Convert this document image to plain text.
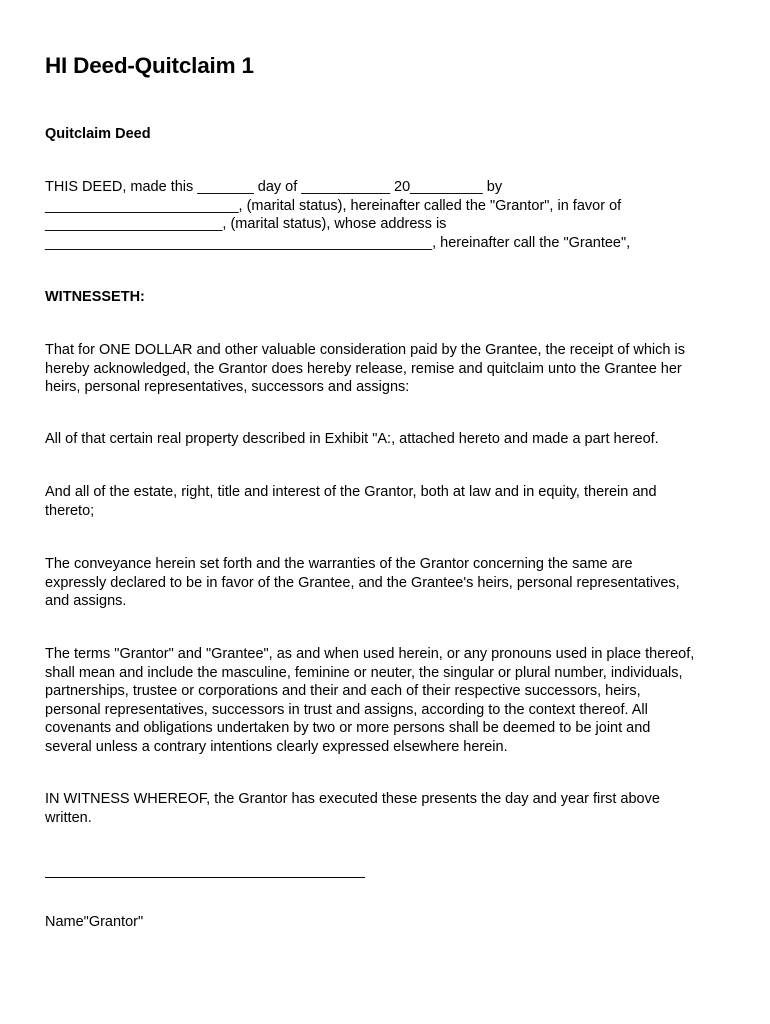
HI Deed-Quitclaim 1
Quitclaim Deed
THIS DEED, made this _______ day of ___________ 20_________ by
________________________, (marital status), hereinafter called the "Grantor", in favor of
______________________, (marital status), whose address is
________________________________________________, hereinafter call the "Grantee",
WITNESSETH:
That for ONE DOLLAR and other valuable consideration paid by the Grantee, the receipt of which is
hereby acknowledged, the Grantor does hereby release, remise and quitclaim unto the Grantee her
heirs, personal representatives, successors and assigns:
All of that certain real property described in Exhibit "A:, attached hereto and made a part hereof.
And all of the estate, right, title and interest of the Grantor, both at law and in equity, therein and
thereto;
The conveyance herein set forth and the warranties of the Grantor concerning the same are
expressly declared to be in favor of the Grantee, and the Grantee's heirs, personal representatives,
and assigns.
The terms "Grantor" and "Grantee", as and when used herein, or any pronouns used in place thereof,
shall mean and include the masculine, feminine or neuter, the singular or plural number, individuals,
partnerships, trustee or corporations and their and each of their respective successors, heirs,
personal representatives, successors in trust and assigns, according to the context thereof. All
covenants and obligations undertaken by two or more persons shall be deemed to be joint and
several unless a contrary intentions clearly expressed elsewhere herein.
IN WITNESS WHEREOF, the Grantor has executed these presents the day and year first above
written.

Name"Grantor"
